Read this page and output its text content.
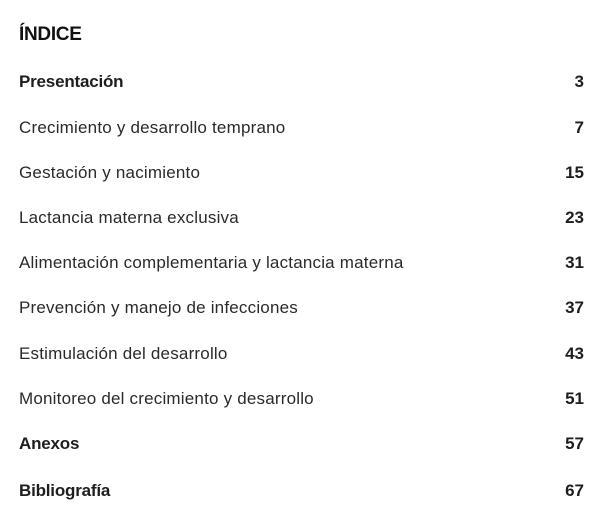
ÍNDICE
Presentación	3
Crecimiento y desarrollo temprano	7
Gestación y nacimiento	15
Lactancia materna exclusiva	23
Alimentación complementaria y lactancia materna	31
Prevención y manejo de infecciones	37
Estimulación del desarrollo	43
Monitoreo del crecimiento y desarrollo	51
Anexos	57
Bibliografía	67
